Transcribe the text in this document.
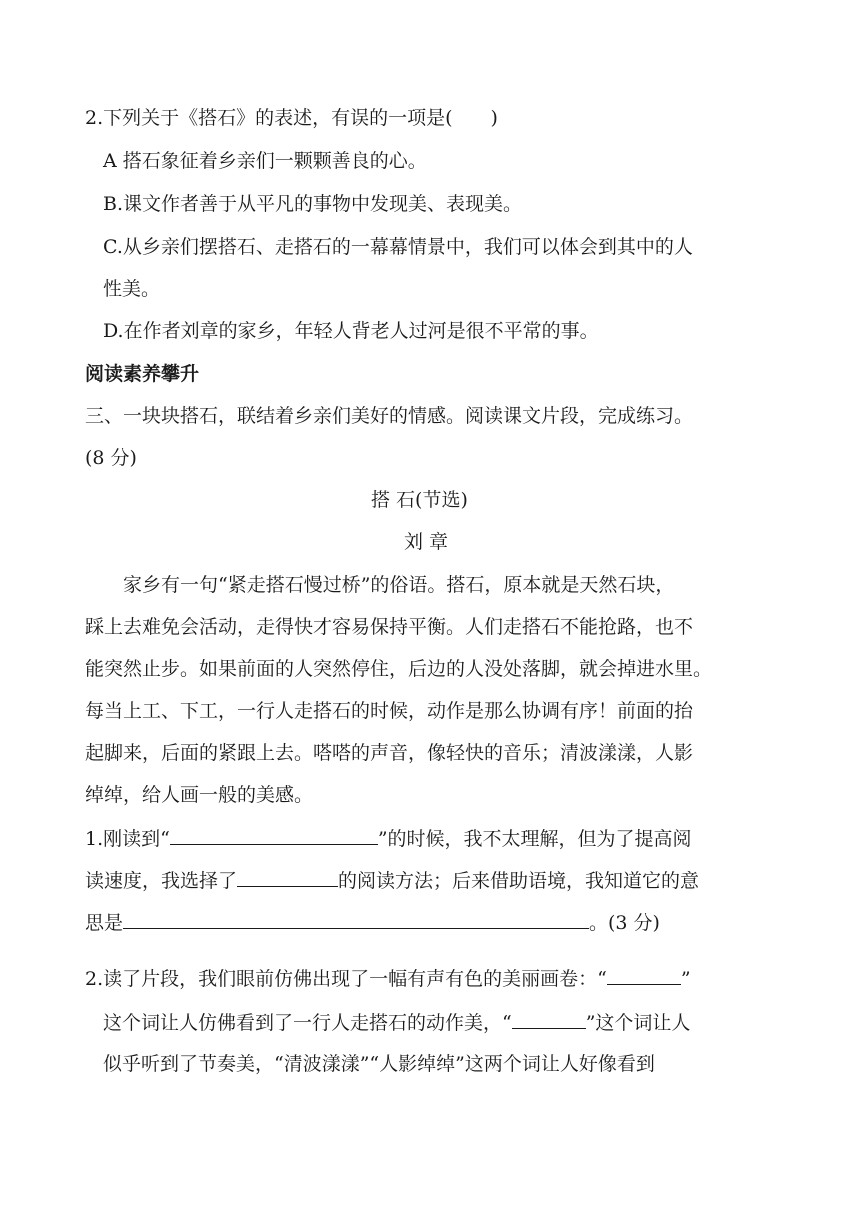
2.下列关于《搭石》的表述，有误的一项是(　　)
A 搭石象征着乡亲们一颗颗善良的心。
B.课文作者善于从平凡的事物中发现美、表现美。
C.从乡亲们摆搭石、走搭石的一幕幕情景中，我们可以体会到其中的人
性美。
D.在作者刘章的家乡，年轻人背老人过河是很不平常的事。
阅读素养攀升
三、一块块搭石，联结着乡亲们美好的情感。阅读课文片段，完成练习。
(8 分)
搭 石(节选)
刘 章
家乡有一句“紧走搭石慢过桥”的俗语。搭石，原本就是天然石块，
踩上去难免会活动，走得快才容易保持平衡。人们走搭石不能抢路，也不
能突然止步。如果前面的人突然停住，后边的人没处落脚，就会掉进水里。
每当上工、下工，一行人走搭石的时候，动作是那么协调有序！前面的抬
起脚来，后面的紧跟上去。嗒嗒的声音，像轻快的音乐；清波漾漾，人影
绰绰，给人画一般的美感。
1.刚读到“	”的时候，我不太理解，但为了提高阅
读速度，我选择了	的阅读方法；后来借助语境，我知道它的意
思是	。(3 分)
2.读了片段，我们眼前仿佛出现了一幅有声有色的美丽画卷：“	”
这个词让人仿佛看到了一行人走搭石的动作美，“	”这个词让人
似乎听到了节奏美，“清波漾漾”“人影绰绰”这两个词让人好像看到
